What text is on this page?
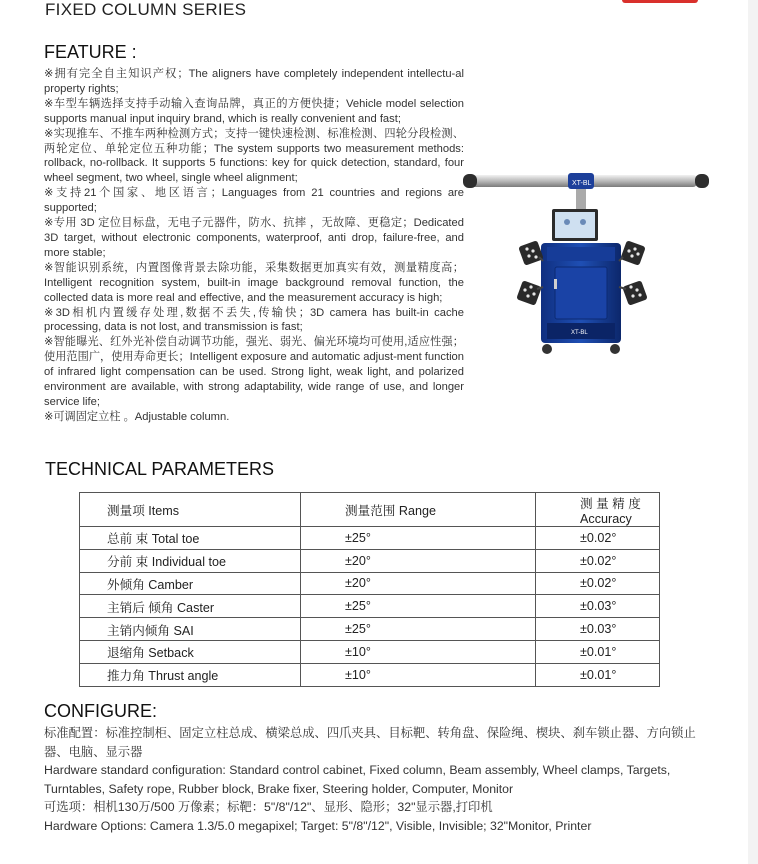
FIXED COLUMN SERIES
FEATURE :

※拥有完全自主知识产权；The aligners have completely independent intellectu-al property rights;

※车型车辆选择支持手动输入查询品牌，真正的方便快捷；Vehicle model selection supports manual input inquiry brand, which is really convenient and fast;

※实现推车、不推车两种检测方式；支持一键快速检测、标准检测、四轮分段检测、两轮定位、单轮定位五种功能；The system supports two measurement methods: rollback, no-rollback. It supports 5 functions: key for quick detection, standard, four wheel segment, two wheel, single wheel alignment;

※支持21个国家、地区语言；Languages from 21 countries and regions are supported;

※专用 3D 定位目标盘，无电子元器件，防水、抗摔 ，无故障、更稳定；Dedicated 3D target, without electronic components, waterproof, anti drop, failure-free, and more stable;

※智能识别系统，内置图像背景去除功能，采集数据更加真实有效，测量精度高；Intelligent recognition system, built-in image background removal function, the collected data is more real and effective, and the measurement accuracy is high;

※3D相机内置缓存处理,数据不丢失,传输快；3D camera has built-in cache processing, data is not lost, and transmission is fast;

※智能曝光、红外光补偿自动调节功能，强光、弱光、偏光环境均可使用,适应性强；使用范围广，使用寿命更长；Intelligent exposure and automatic adjust-ment function of infrared light compensation can be used. Strong light, weak light, and polarized environment are available, with strong adaptability, wide range of use, and longer service life;

※可调固定立柱 。Adjustable column.

XT-BL
XT-BL
TECHNICAL PARAMETERS
测量项 Items	测量范围 Range	测 量 精 度 Accuracy
总前 束 Total toe	±25°	±0.02°
分前 束 Individual toe	±20°	±0.02°
外倾角 Camber	±20°	±0.02°
主销后 倾角 Caster	±25°	±0.03°
主销内倾角 SAI	±25°	±0.03°
退缩角 Setback	±10°	±0.01°
推力角 Thrust angle	±10°	±0.01°
CONFIGURE:

标准配置：标准控制柜、固定立柱总成、横梁总成、四爪夹具、目标靶、转角盘、保险绳、楔块、刹车锁止器、方向锁止器、电脑、显示器

Hardware standard configuration: Standard control cabinet, Fixed column, Beam assembly, Wheel clamps, Targets, Turntables, Safety rope, Rubber block, Brake fixer, Steering holder, Computer, Monitor

可选项：相机130万/500 万像素；标靶：5"/8"/12"、显形、隐形；32"显示器,打印机

Hardware Options: Camera 1.3/5.0 megapixel; Target: 5"/8"/12", Visible, Invisible; 32"Monitor, Printer
